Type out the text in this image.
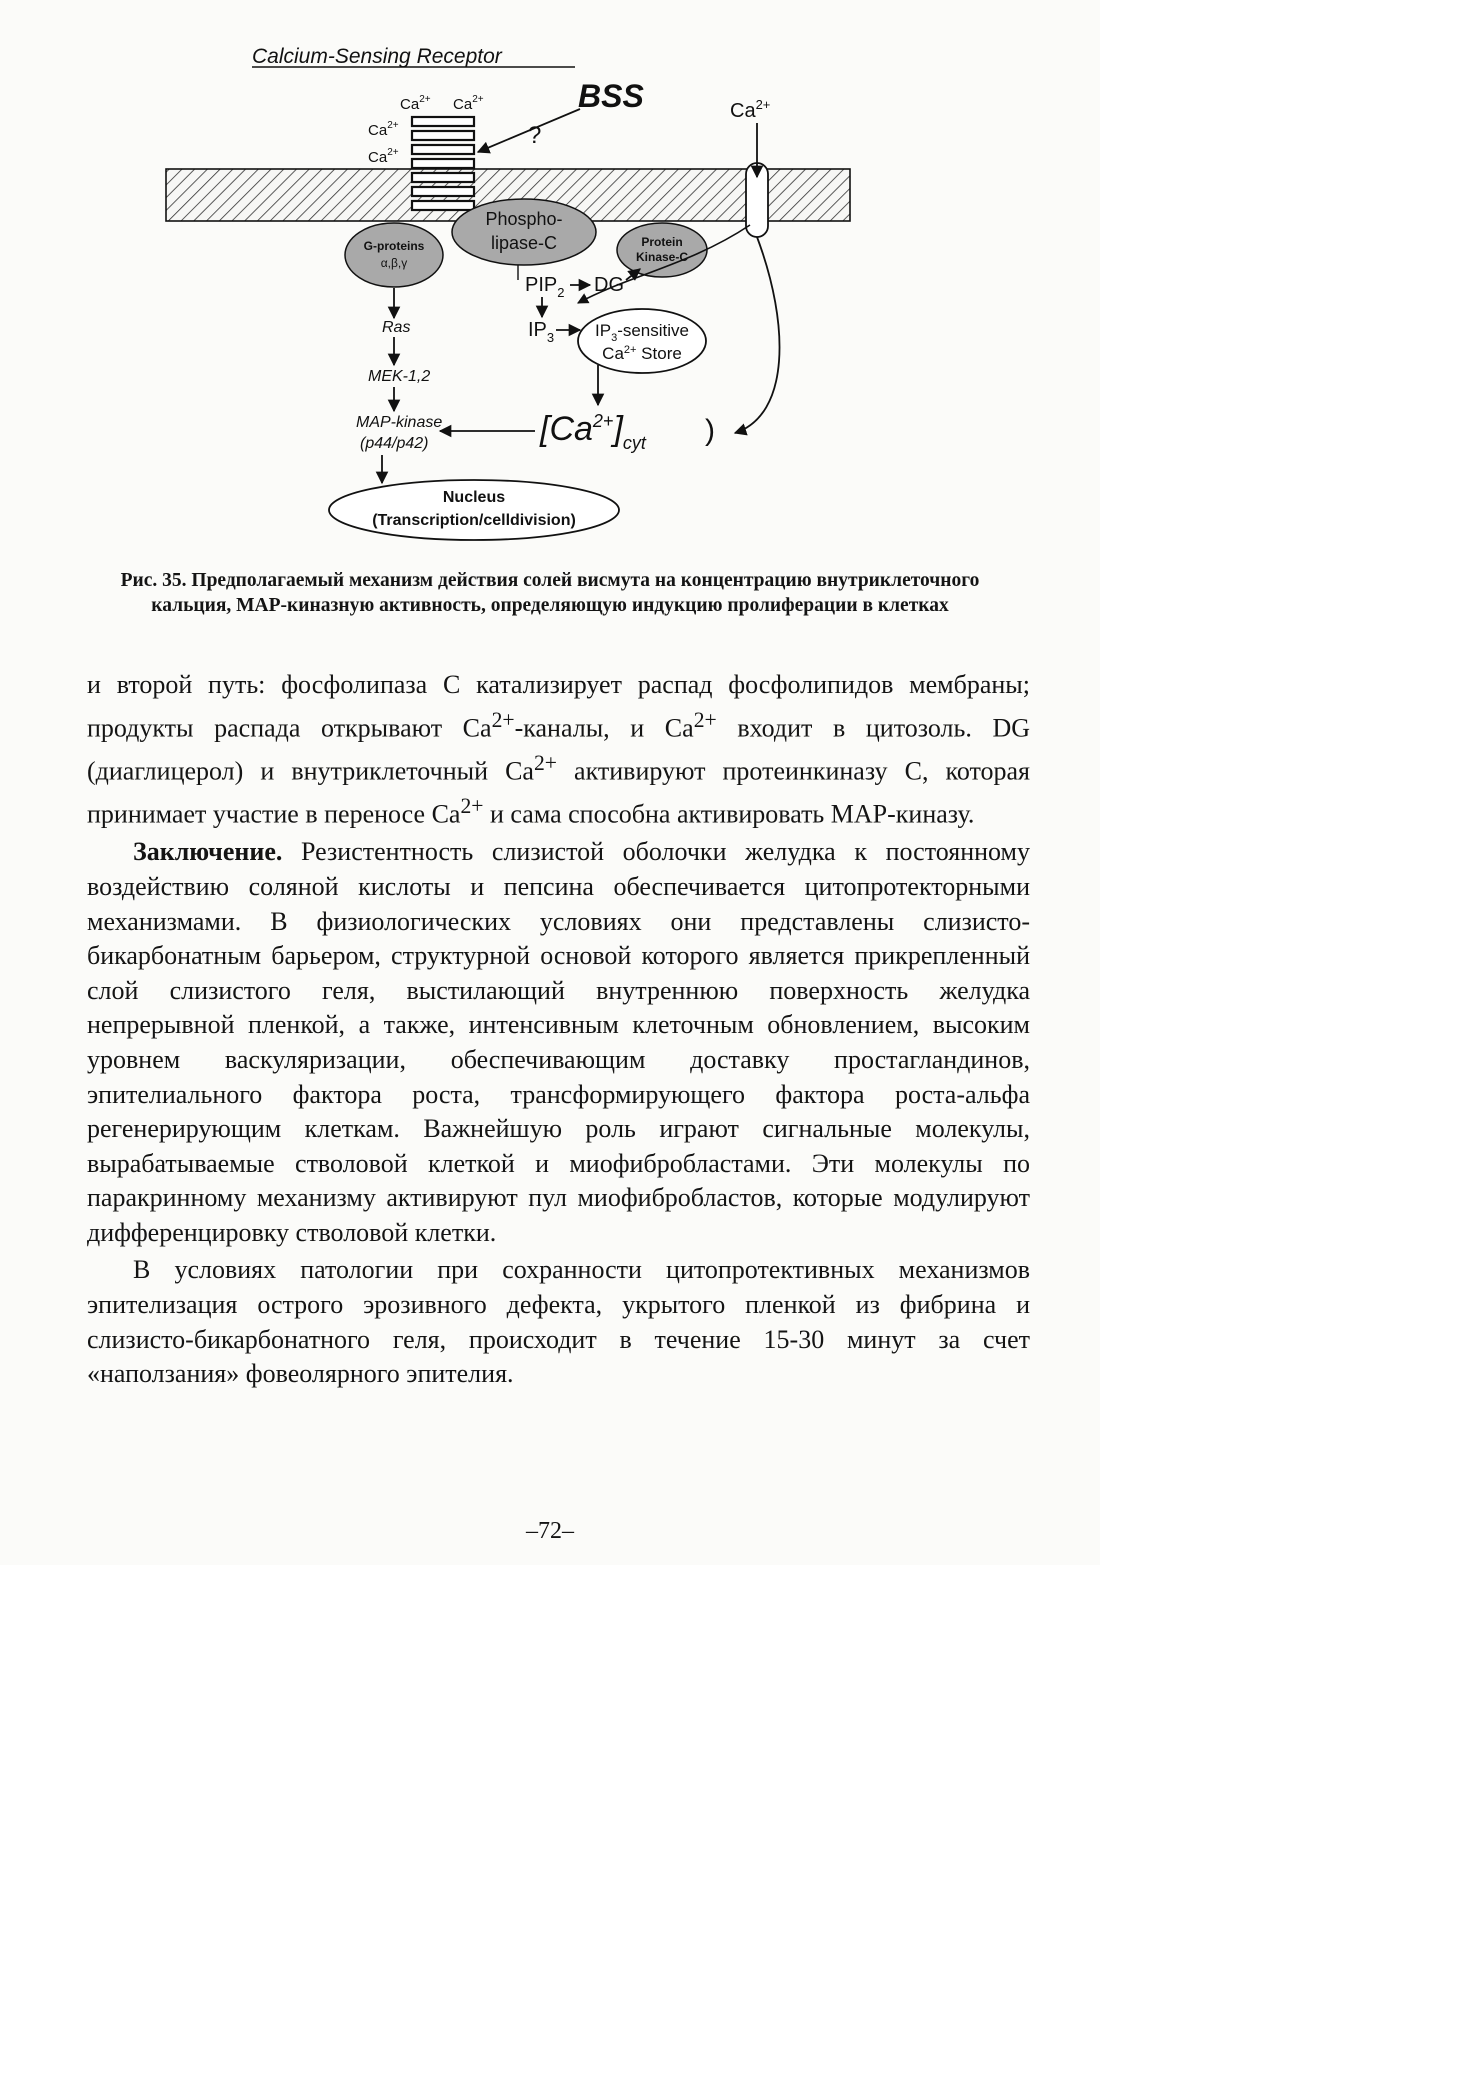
Calcium-Sensing Receptor
$Ca^{2+}$ $Ca^{2+}$
$Ca^{2+}$
$Ca^{2+}$
BSS
?
$Ca^{2+}$
Phospho-
lipase-C
G-proteins
α,β,γ
Protein
Kinase-C
$PIP_2$ DG
Ras	$IP_3$ $IP_3$-sensitive
$Ca^{2+}$ Store
MEK-1,2
MAP-kinase
(p44/p42)	$[Ca^{2+}]_{cyt}$ )
Nucleus
(Transcription/celldivision)
Рис. 35. Предполагаемый механизм действия солей висмута на концентрацию внутриклеточного кальция, МАР-киназную активность, определяющую индукцию пролиферации в клетках

и второй путь: фосфолипаза С катализирует распад фосфолипидов мембраны; продукты распада открывают $Са^{2+}$-каналы, и $Са^{2+}$ входит в цитозоль. DG (диаглицерол) и внутриклеточный $Са^{2+}$ активируют протеинкиназу С, которая принимает участие в переносе $Са^{2+}$ и сама способна активировать МАР-киназу.

Заключение. Резистентность слизистой оболочки желудка к постоянному воздействию соляной кислоты и пепсина обеспечивается цитопротекторными механизмами. В физиологических условиях они представлены слизисто-бикарбонатным барьером, структурной основой которого является прикрепленный слой слизистого геля, выстилающий внутреннюю поверхность желудка непрерывной пленкой, а также, интенсивным клеточным обновлением, высоким уровнем васкуляризации, обеспечивающим доставку простагландинов, эпителиального фактора роста, трансформирующего фактора роста-альфа регенерирующим клеткам. Важнейшую роль играют сигнальные молекулы, вырабатываемые стволовой клеткой и миофибробластами. Эти молекулы по паракринному механизму активируют пул миофибробластов, которые модулируют дифференцировку стволовой клетки.

В условиях патологии при сохранности цитопротективных механизмов эпителизация острого эрозивного дефекта, укрытого пленкой из фибрина и слизисто-бикарбонатного геля, происходит в течение 15-30 минут за счет «наползания» фовеолярного эпителия.

–72–
